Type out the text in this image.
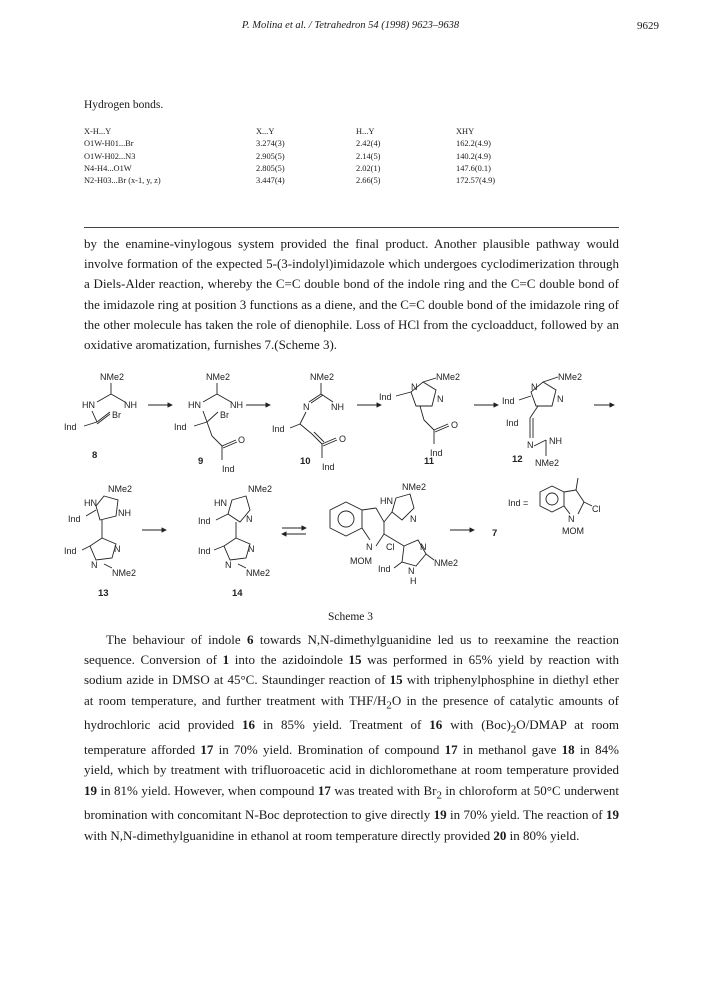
P. Molina et al. / Tetrahedron 54 (1998) 9623–9638	9629
Hydrogen bonds.
X-H...Y	X...Y	H...Y	XHY
O1W-H01...Br	3.274(3)	2.42(4)	162.2(4.9)
O1W-H02...N3	2.905(5)	2.14(5)	140.2(4.9)
N4-H4...O1W	2.805(5)	2.02(1)	147.6(0.1)
N2-H03...Br (x-1, y, z)	3.447(4)	2.66(5)	172.57(4.9)
by the enamine-vinylogous system provided the final product. Another plausible pathway would involve formation of the expected 5-(3-indolyl)imidazole which undergoes cyclodimerization through a Diels-Alder reaction, whereby the C=C double bond of the indole ring and the C=C double bond of the imidazole ring at position 3 functions as a diene, and the C=C double bond of the imidazole ring of the other molecule has taken the role of dienophile. Loss of HCl from the cycloadduct, followed by an oxidative aromatization, furnishes 7.(Scheme 3).
NMe2
HN	NH
Br
Ind
8
NMe2
HN	NH
Br
Ind
O
Ind
9
NMe2
N NH
Ind
O
Ind
10
NMe2
N
N
Ind
O
Ind
11
NMe2
N
N
Ind
Ind
N NH
NMe2
12
NMe2
HN
NH
Ind
Ind	N
N
NMe2
13
NMe2
HN
N
Ind
Ind	N
N
NMe2
14
NMe2
HN
N
N Cl
MOM
N
N
NMe2
H
Ind
7
Ind =
N
Cl
MOM
Scheme 3
The behaviour of indole 6 towards N,N-dimethylguanidine led us to reexamine the reaction sequence. Conversion of 1 into the azidoindole 15 was performed in 65% yield by reaction with sodium azide in DMSO at 45°C. Staundinger reaction of 15 with triphenylphosphine in diethyl ether at room temperature, and further treatment with THF/$H_2O$ in the presence of catalytic amounts of hydrochloric acid provided 16 in 85% yield. Treatment of 16 with $(Boc)_2O$/DMAP at room temperature afforded 17 in 70% yield. Bromination of compound 17 in methanol gave 18 in 84% yield, which by treatment with trifluoroacetic acid in dichloromethane at room temperature provided 19 in 81% yield. However, when compound 17 was treated with $Br_2$ in chloroform at 50°C underwent bromination with concomitant N-Boc deprotection to give directly 19 in 70% yield. The reaction of 19 with N,N-dimethylguanidine in ethanol at room temperature directly provided 20 in 80% yield.
